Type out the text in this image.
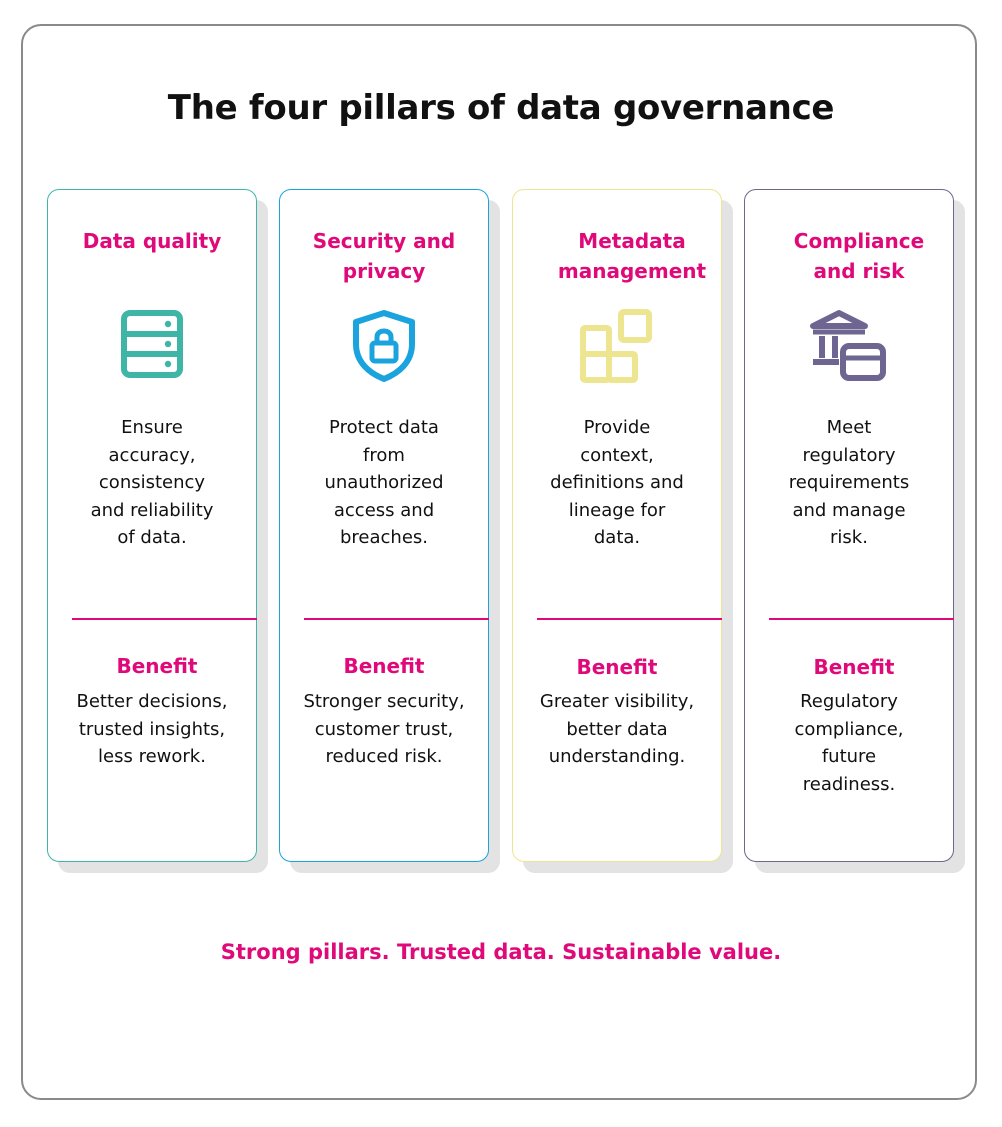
The four pillars of data governance
Data quality
Ensure accuracy, consistency and reliability of data.
Benefit
Better decisions, trusted insights, less rework.
Security and privacy
Protect data from unauthorized access and breaches.
Benefit
Stronger security, customer trust, reduced risk.
Metadata management
Provide context, definitions and lineage for data.
Benefit
Greater visibility, better data understanding.
Compliance and risk
Meet regulatory requirements and manage risk.
Benefit
Regulatory compliance, future readiness.
Strong pillars. Trusted data. Sustainable value.
